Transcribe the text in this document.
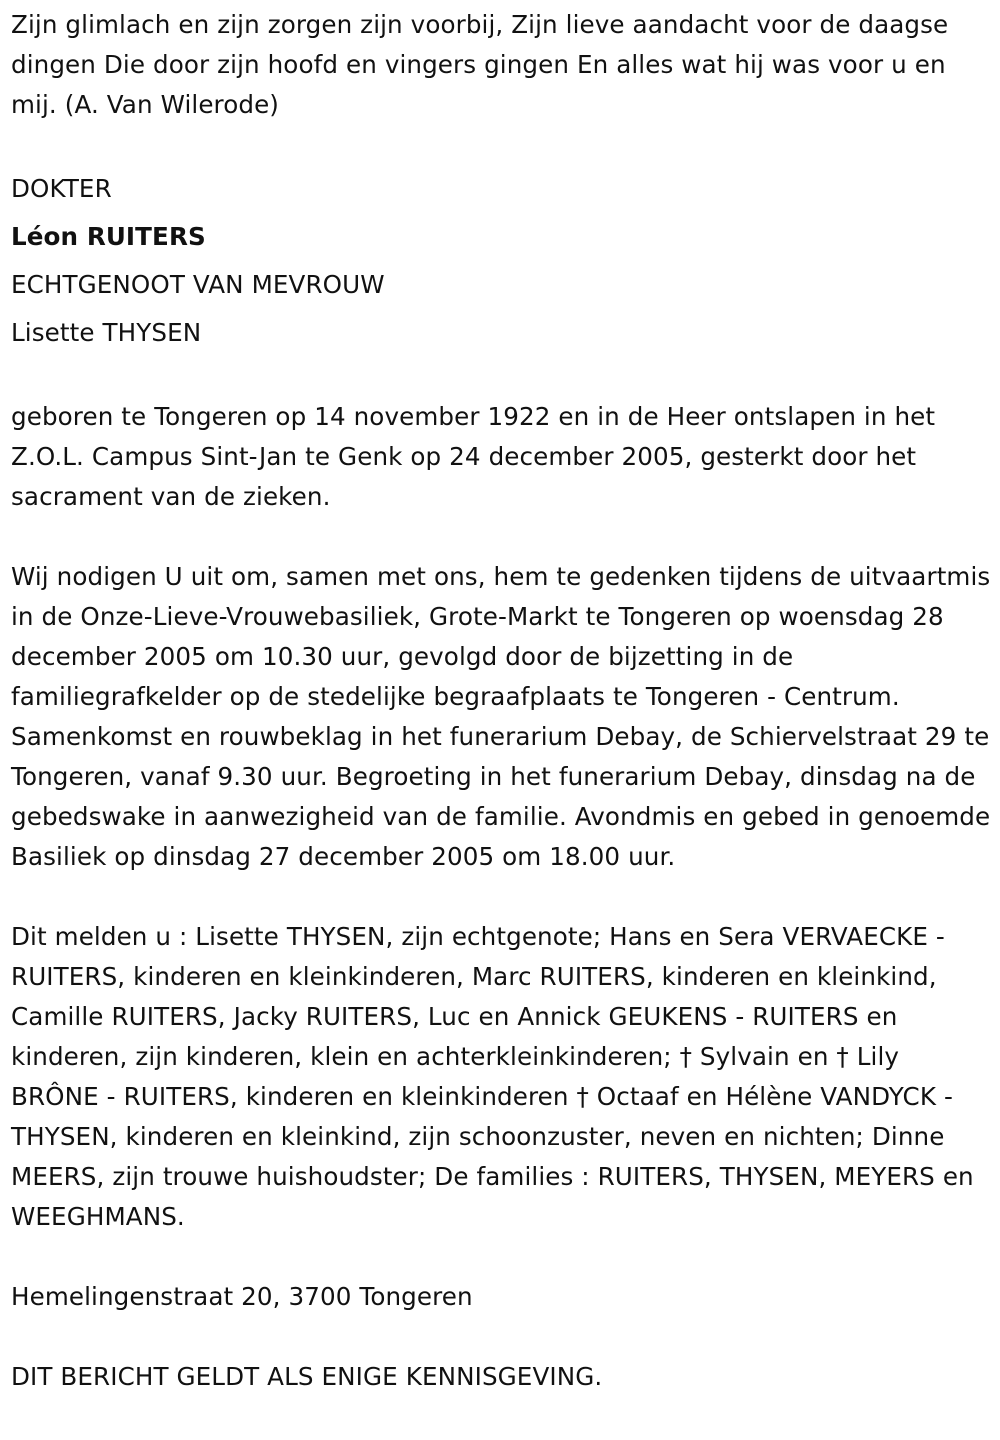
Zijn glimlach en zijn zorgen zijn voorbij, Zijn lieve aandacht voor de daagse dingen Die door zijn hoofd en vingers gingen En alles wat hij was voor u en mij. (A. Van Wilerode)

DOKTER
Léon RUITERS
ECHTGENOOT VAN MEVROUW
Lisette THYSEN

geboren te Tongeren op 14 november 1922 en in de Heer ontslapen in het Z.O.L. Campus Sint-Jan te Genk op 24 december 2005, gesterkt door het sacrament van de zieken.

Wij nodigen U uit om, samen met ons, hem te gedenken tijdens de uitvaartmis in de Onze-Lieve-Vrouwebasiliek, Grote-Markt te Tongeren op woensdag 28 december 2005 om 10.30 uur, gevolgd door de bijzetting in de familiegrafkelder op de stedelijke begraafplaats te Tongeren - Centrum. Samenkomst en rouwbeklag in het funerarium Debay, de Schiervelstraat 29 te Tongeren, vanaf 9.30 uur. Begroeting in het funerarium Debay, dinsdag na de gebedswake in aanwezigheid van de familie. Avondmis en gebed in genoemde Basiliek op dinsdag 27 december 2005 om 18.00 uur.

Dit melden u : Lisette THYSEN, zijn echtgenote; Hans en Sera VERVAECKE - RUITERS, kinderen en kleinkinderen, Marc RUITERS, kinderen en kleinkind, Camille RUITERS, Jacky RUITERS, Luc en Annick GEUKENS - RUITERS en kinderen, zijn kinderen, klein en achterkleinkinderen; † Sylvain en † Lily BRÔNE - RUITERS, kinderen en kleinkinderen † Octaaf en Hélène VANDYCK - THYSEN, kinderen en kleinkind, zijn schoonzuster, neven en nichten; Dinne MEERS, zijn trouwe huishoudster; De families : RUITERS, THYSEN, MEYERS en WEEGHMANS.

Hemelingenstraat 20, 3700 Tongeren

DIT BERICHT GELDT ALS ENIGE KENNISGEVING.
